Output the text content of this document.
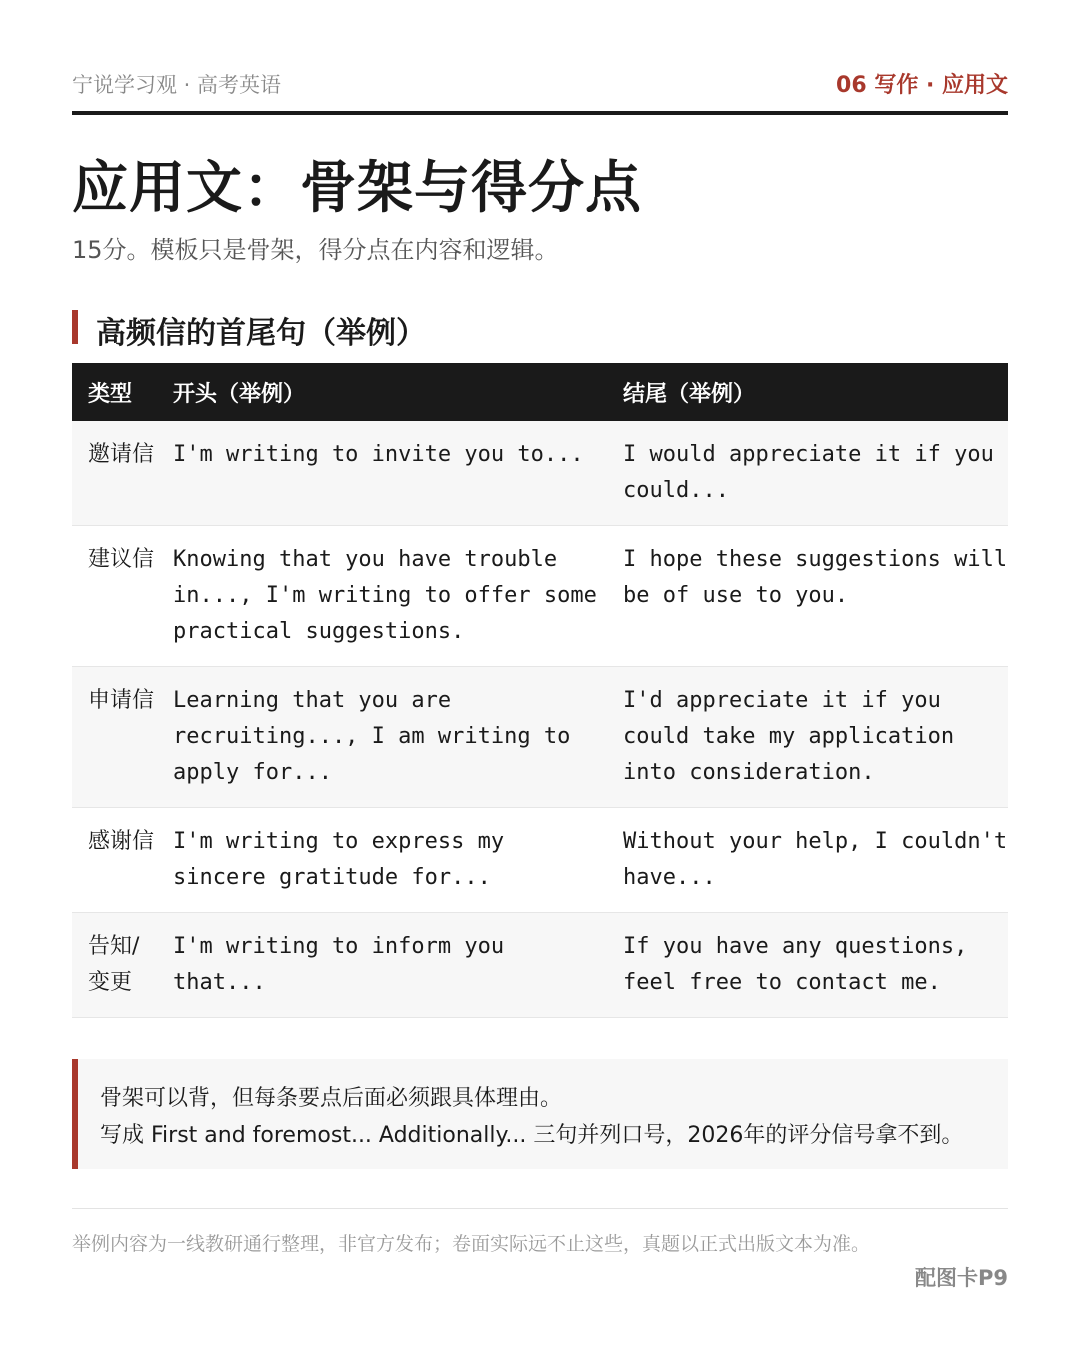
宁说学习观 · 高考英语	06 写作 · 应用文
应用文：骨架与得分点
15分。模板只是骨架，得分点在内容和逻辑。
高频信的首尾句（举例）
类型	开头（举例）	结尾（举例）
邀请信	I'm writing to invite you to...	I would appreciate it if you could...
建议信	Knowing that you have trouble in..., I'm writing to offer some practical suggestions.	I hope these suggestions will be of use to you.
申请信	Learning that you are recruiting..., I am writing to apply for...	I'd appreciate it if you could take my application into consideration.
感谢信	I'm writing to express my sincere gratitude for...	Without your help, I couldn't have...
告知/变更	I'm writing to inform you that...	If you have any questions, feel free to contact me.
骨架可以背，但每条要点后面必须跟具体理由。
写成 First and foremost... Additionally... 三句并列口号，2026年的评分信号拿不到。
举例内容为一线教研通行整理，非官方发布；卷面实际远不止这些，真题以正式出版文本为准。
配图卡P9
